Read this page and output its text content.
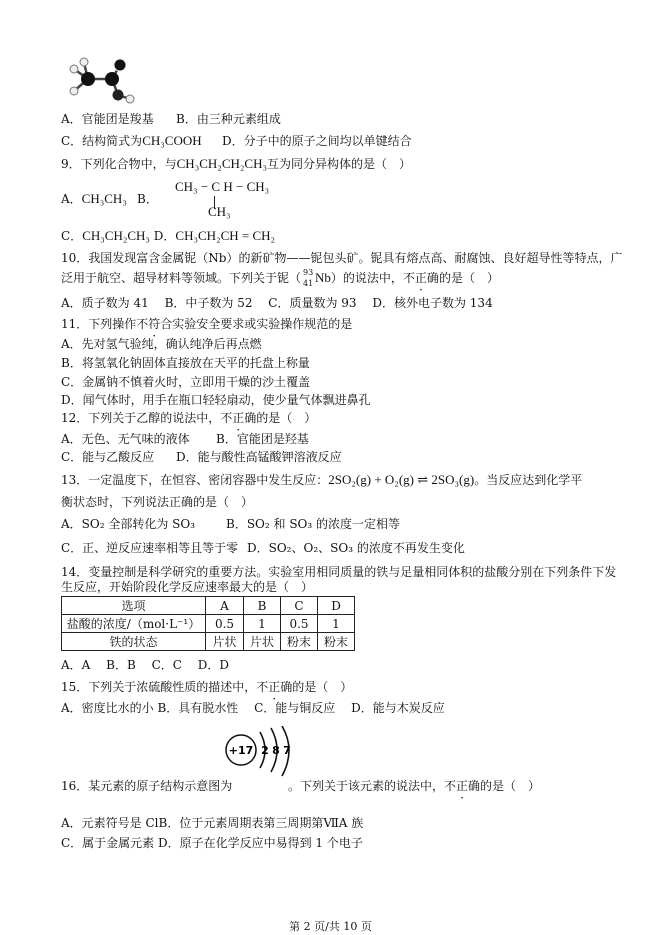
A．官能团是羧基 B．由三种元素组成
C．结构简式为CH₃COOH D．分子中的原子之间均以单键结合
9．下列化合物中，与CH₃CH₂CH₂CH₃互为同分异构体的是（　）
CH₃ − C H − CH₃
A．CH₃CH₃ B．
CH₃
C．CH₃CH₂CH₃ D．CH₃CH₂CH = CH₂
10．我国发现富含金属铌（Nb）的新矿物——铌包头矿。铌具有熔点高、耐腐蚀、良好超导性等特点，广
泛用于航空、超导材料等领域。下列关于铌（ 93
41 Nb）的说法中，不正确的是（　）
A．质子数为 41　 B．中子数为 52　 C．质量数为 93　 D．核外电子数为 134
11．下列操作不符合实验安全要求或实验操作规范的是
A．先对氢气验纯，确认纯净后再点燃
B．将氢氧化钠固体直接放在天平的托盘上称量
C．金属钠不慎着火时，立即用干燥的沙土覆盖
D．闻气体时，用手在瓶口轻轻扇动，使少量气体飘进鼻孔
12．下列关于乙醇的说法中，不正确的是（　）
A．无色、无气味的液体 B．官能团是羟基
C．能与乙酸反应 D．能与酸性高锰酸钾溶液反应
13．一定温度下，在恒容、密闭容器中发生反应：2SO₂(g) + O₂(g) ⇌ 2SO₃(g)。当反应达到化学平
衡状态时，下列说法正确的是（　）
A．SO₂ 全部转化为 SO₃	B．SO₂ 和 SO₃ 的浓度一定相等
C．正、逆反应速率相等且等于零 D．SO₂、O₂、SO₃ 的浓度不再发生变化
14．变量控制是科学研究的重要方法。实验室用相同质量的铁与足量相同体积的盐酸分别在下列条件下发
生反应，开始阶段化学反应速率最大的是（　）
选项	A	B	C	D
盐酸的浓度/（mol·L⁻¹）	0.5	1	0.5	1
铁的状态	片状	片状	粉末	粉末
A．A　 B．B　 C．C　 D．D
15．下列关于浓硫酸性质的描述中，不正确的是（　）
A．密度比水的小 B．具有脱水性　 C．能与铜反应　 D．能与木炭反应
+17 2 8 7
16．某元素的原子结构示意图为	。下列关于该元素的说法中，不正确的是（　）
A．元素符号是 ClB．位于元素周期表第三周期第ⅦA 族
C．属于金属元素 D．原子在化学反应中易得到 1 个电子
第 2 页/共 10 页
